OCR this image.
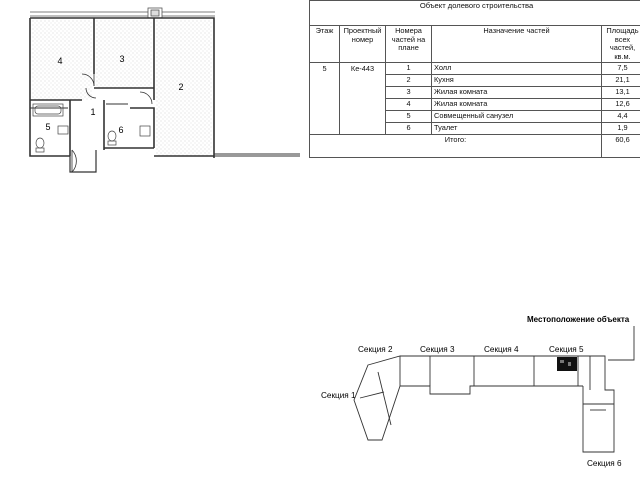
4	3
2
1
5	6
Объект долевого строительства				
Этаж	Проектный номер	Номера частей на плане	Назначение частей	Площадь всех частей, кв.м.
5	Ке-443	1	Холл	7,5
		2	Кухня	21,1
		3	Жилая комната	13,1
		4	Жилая комната	12,6
		5	Совмещенный санузел	4,4
		6	Туалет	1,9
Итого:				60,6
Местоположение объекта
Секция 1
Секция 2	Секция 3	Секция 4	Секция 5
Секция 6
